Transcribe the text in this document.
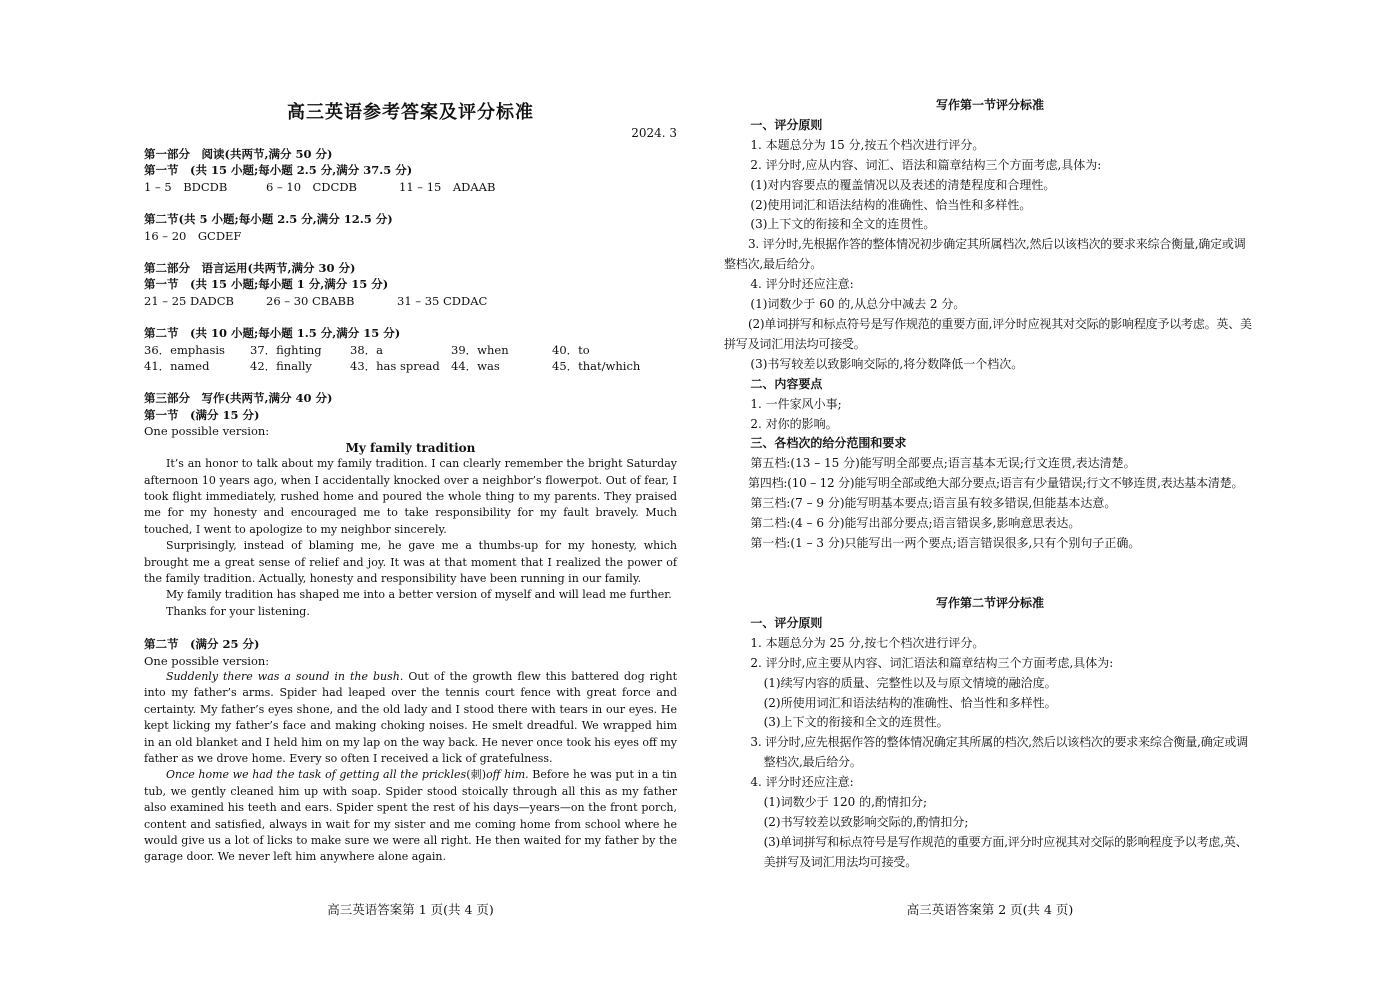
高三英语参考答案及评分标准
2024. 3
第一部分　阅读(共两节,满分 50 分)
第一节　(共 15 小题;每小题 2.5 分,满分 37.5 分)
1 – 5　BDCDB	6 – 10　CDCDB	11 – 15　ADAAB
第二节(共 5 小题;每小题 2.5 分,满分 12.5 分)
16 – 20　GCDEF
第二部分　语言运用(共两节,满分 30 分)
第一节　(共 15 小题;每小题 1 分,满分 15 分)
21 – 25 DADCB	26 – 30 CBABB	31 – 35 CDDAC
第二节　(共 10 小题;每小题 1.5 分,满分 15 分)
36．emphasis	37．fighting	38．a	39．when	40．to
41．named	42．finally	43．has spread 44．was	45．that/which
第三部分　写作(共两节,满分 40 分)
第一节　(满分 15 分)
One possible version:
My family tradition
It’s an honor to talk about my family tradition. I can clearly remember the bright Saturday afternoon 10 years ago, when I accidentally knocked over a neighbor’s flowerpot. Out of fear, I took flight immediately, rushed home and poured the whole thing to my parents. They praised me for my honesty and encouraged me to take responsibility for my fault bravely. Much touched, I went to apologize to my neighbor sincerely.
Surprisingly, instead of blaming me, he gave me a thumbs-up for my honesty, which brought me a great sense of relief and joy. It was at that moment that I realized the power of the family tradition. Actually, honesty and responsibility have been running in our family.
My family tradition has shaped me into a better version of myself and will lead me further.
Thanks for your listening.
第二节　(满分 25 分)
One possible version:
Suddenly there was a sound in the bush. Out of the growth flew this battered dog right into my father’s arms. Spider had leaped over the tennis court fence with great force and certainty. My father’s eyes shone, and the old lady and I stood there with tears in our eyes. He kept licking my father’s face and making choking noises. He smelt dreadful. We wrapped him in an old blanket and I held him on my lap on the way back. He never once took his eyes off my father as we drove home. Every so often I received a lick of gratefulness.
Once home we had the task of getting all the prickles(刺)off him. Before he was put in a tin tub, we gently cleaned him up with soap. Spider stood stoically through all this as my father also examined his teeth and ears. Spider spent the rest of his days—years—on the front porch, content and satisfied, always in wait for my sister and me coming home from school where he would give us a lot of licks to make sure we were all right. He then waited for my father by the garage door. We never left him anywhere alone again.
高三英语答案第 1 页(共 4 页)
写作第一节评分标准
一、评分原则
1. 本题总分为 15 分,按五个档次进行评分。
2. 评分时,应从内容、词汇、语法和篇章结构三个方面考虑,具体为:
(1)对内容要点的覆盖情况以及表述的清楚程度和合理性。
(2)使用词汇和语法结构的准确性、恰当性和多样性。
(3)上下文的衔接和全文的连贯性。
3. 评分时,先根据作答的整体情况初步确定其所属档次,然后以该档次的要求来综合衡量,确定或调整档次,最后给分。
4. 评分时还应注意:
(1)词数少于 60 的,从总分中减去 2 分。
(2)单词拼写和标点符号是写作规范的重要方面,评分时应视其对交际的影响程度予以考虑。英、美拼写及词汇用法均可接受。
(3)书写较差以致影响交际的,将分数降低一个档次。
二、内容要点
1. 一件家风小事;
2. 对你的影响。
三、各档次的给分范围和要求
第五档:(13 – 15 分)能写明全部要点;语言基本无误;行文连贯,表达清楚。
第四档:(10 – 12 分)能写明全部或绝大部分要点;语言有少量错误;行文不够连贯,表达基本清楚。
第三档:(7 – 9 分)能写明基本要点;语言虽有较多错误,但能基本达意。
第二档:(4 – 6 分)能写出部分要点;语言错误多,影响意思表达。
第一档:(1 – 3 分)只能写出一两个要点;语言错误很多,只有个别句子正确。
写作第二节评分标准
一、评分原则
1. 本题总分为 25 分,按七个档次进行评分。
2. 评分时,应主要从内容、词汇语法和篇章结构三个方面考虑,具体为:
(1)续写内容的质量、完整性以及与原文情境的融洽度。
(2)所使用词汇和语法结构的准确性、恰当性和多样性。
(3)上下文的衔接和全文的连贯性。
3. 评分时,应先根据作答的整体情况确定其所属的档次,然后以该档次的要求来综合衡量,确定或调整档次,最后给分。
4. 评分时还应注意:
(1)词数少于 120 的,酌情扣分;
(2)书写较差以致影响交际的,酌情扣分;
(3)单词拼写和标点符号是写作规范的重要方面,评分时应视其对交际的影响程度予以考虑,英、美拼写及词汇用法均可接受。
高三英语答案第 2 页(共 4 页)
